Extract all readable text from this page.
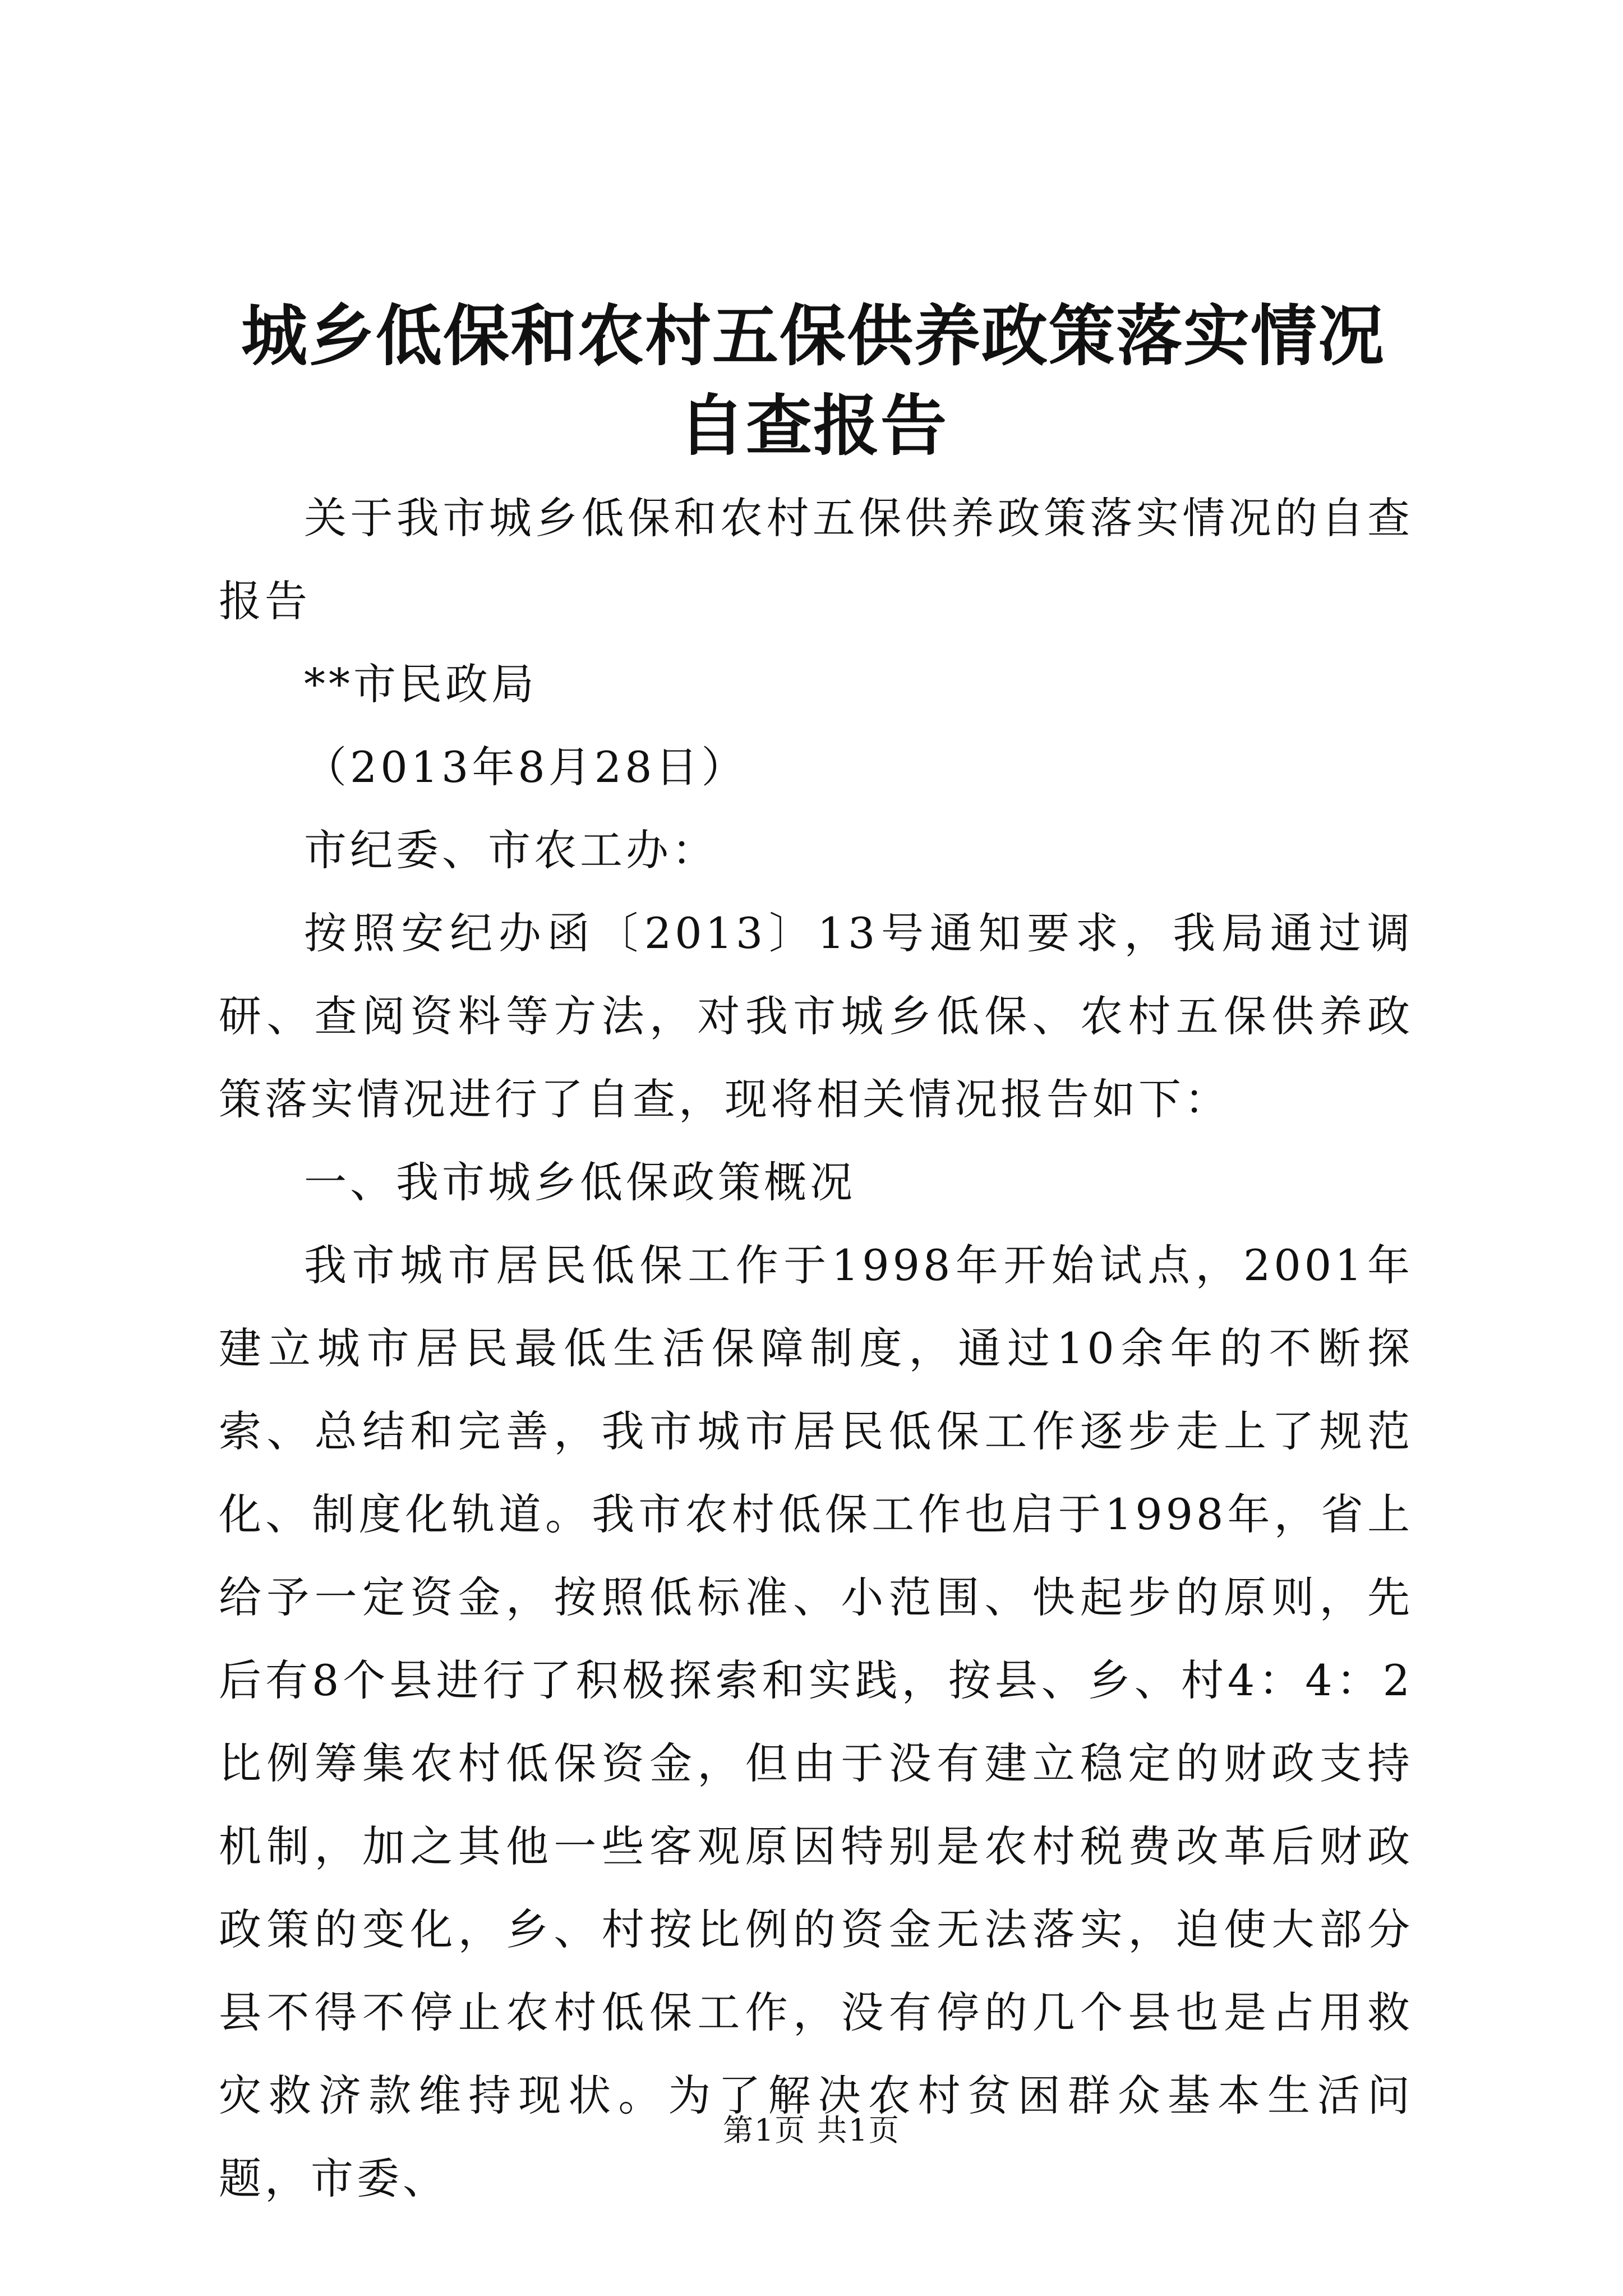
城乡低保和农村五保供养政策落实情况自查报告

关于我市城乡低保和农村五保供养政策落实情况的自查报告

**市民政局

（2013年8月28日）

市纪委、市农工办：

按照安纪办函〔2013〕13号通知要求，我局通过调研、查阅资料等方法，对我市城乡低保、农村五保供养政策落实情况进行了自查，现将相关情况报告如下：

一、我市城乡低保政策概况

我市城市居民低保工作于1998年开始试点，2001年建立城市居民最低生活保障制度，通过10余年的不断探索、总结和完善，我市城市居民低保工作逐步走上了规范化、制度化轨道。我市农村低保工作也启于1998年，省上给予一定资金，按照低标准、小范围、快起步的原则，先后有8个县进行了积极探索和实践，按县、乡、村4：4：2比例筹集农村低保资金，但由于没有建立稳定的财政支持机制，加之其他一些客观原因特别是农村税费改革后财政政策的变化，乡、村按比例的资金无法落实，迫使大部分县不得不停止农村低保工作，没有停的几个县也是占用救灾救济款维持现状。为了解决农村贫困群众基本生活问题，市委、

第1页 共1页
